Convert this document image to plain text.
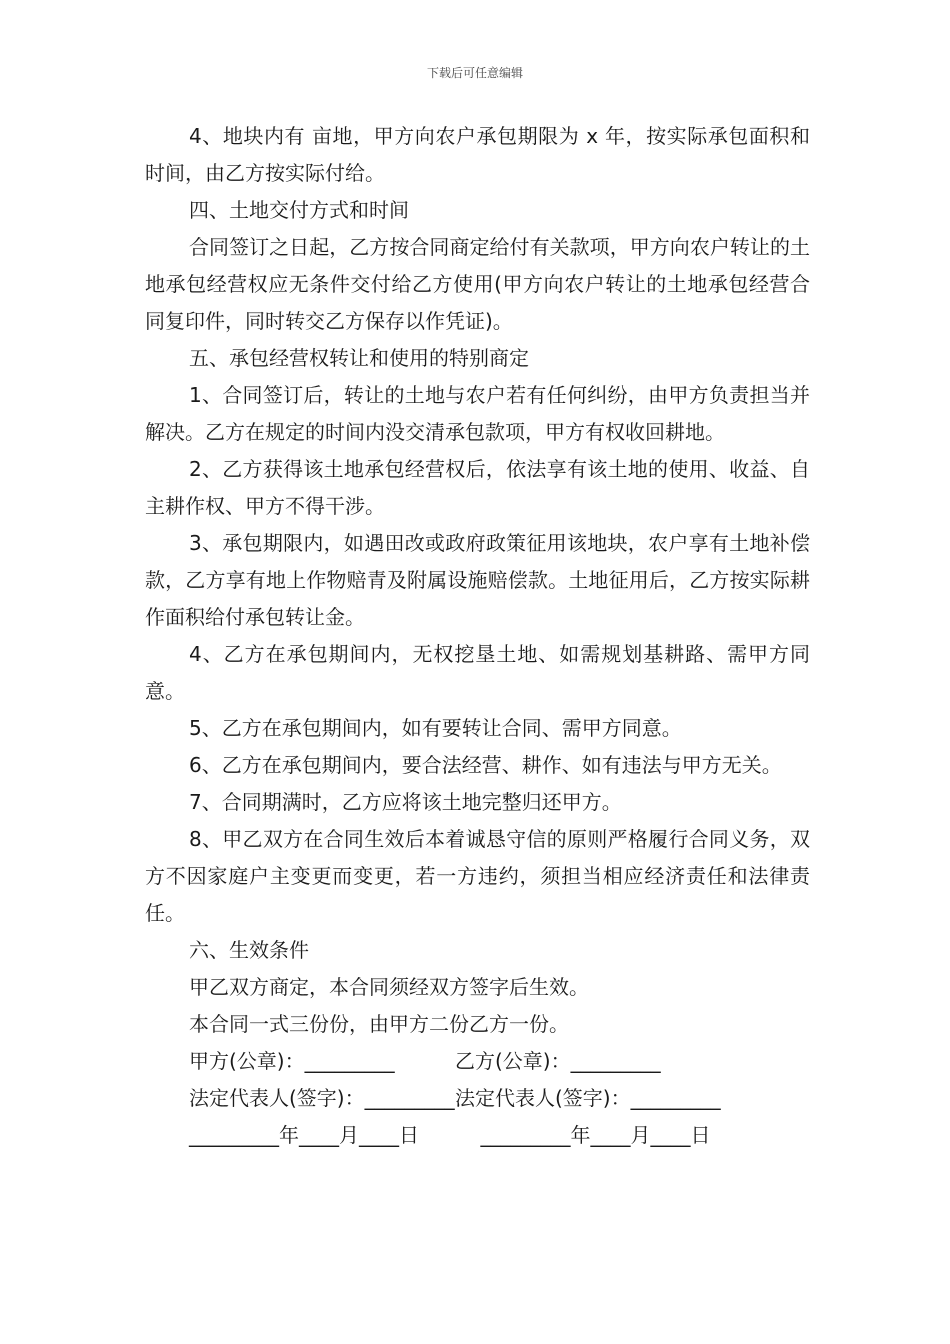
下载后可任意编辑

4、地块内有 亩地，甲方向农户承包期限为 x 年，按实际承包面积和时间，由乙方按实际付给。

四、土地交付方式和时间

合同签订之日起，乙方按合同商定给付有关款项，甲方向农户转让的土地承包经营权应无条件交付给乙方使用(甲方向农户转让的土地承包经营合同复印件，同时转交乙方保存以作凭证)。

五、承包经营权转让和使用的特别商定

1、合同签订后，转让的土地与农户若有任何纠纷，由甲方负责担当并解决。乙方在规定的时间内没交清承包款项，甲方有权收回耕地。

2、乙方获得该土地承包经营权后，依法享有该土地的使用、收益、自主耕作权、甲方不得干涉。

3、承包期限内，如遇田改或政府政策征用该地块，农户享有土地补偿款，乙方享有地上作物赔青及附属设施赔偿款。土地征用后，乙方按实际耕作面积给付承包转让金。

4、乙方在承包期间内，无权挖垦土地、如需规划基耕路、需甲方同意。

5、乙方在承包期间内，如有要转让合同、需甲方同意。

6、乙方在承包期间内，要合法经营、耕作、如有违法与甲方无关。

7、合同期满时，乙方应将该土地完整归还甲方。

8、甲乙双方在合同生效后本着诚恳守信的原则严格履行合同义务，双方不因家庭户主变更而变更，若一方违约，须担当相应经济责任和法律责任。

六、生效条件

甲乙双方商定，本合同须经双方签字后生效。

本合同一式三份份，由甲方二份乙方一份。

甲方(公章)：_________	乙方(公章)：_________
法定代表人(签字)：_________ 法定代表人(签字)：_________
_________年____月____日	_________年____月____日
